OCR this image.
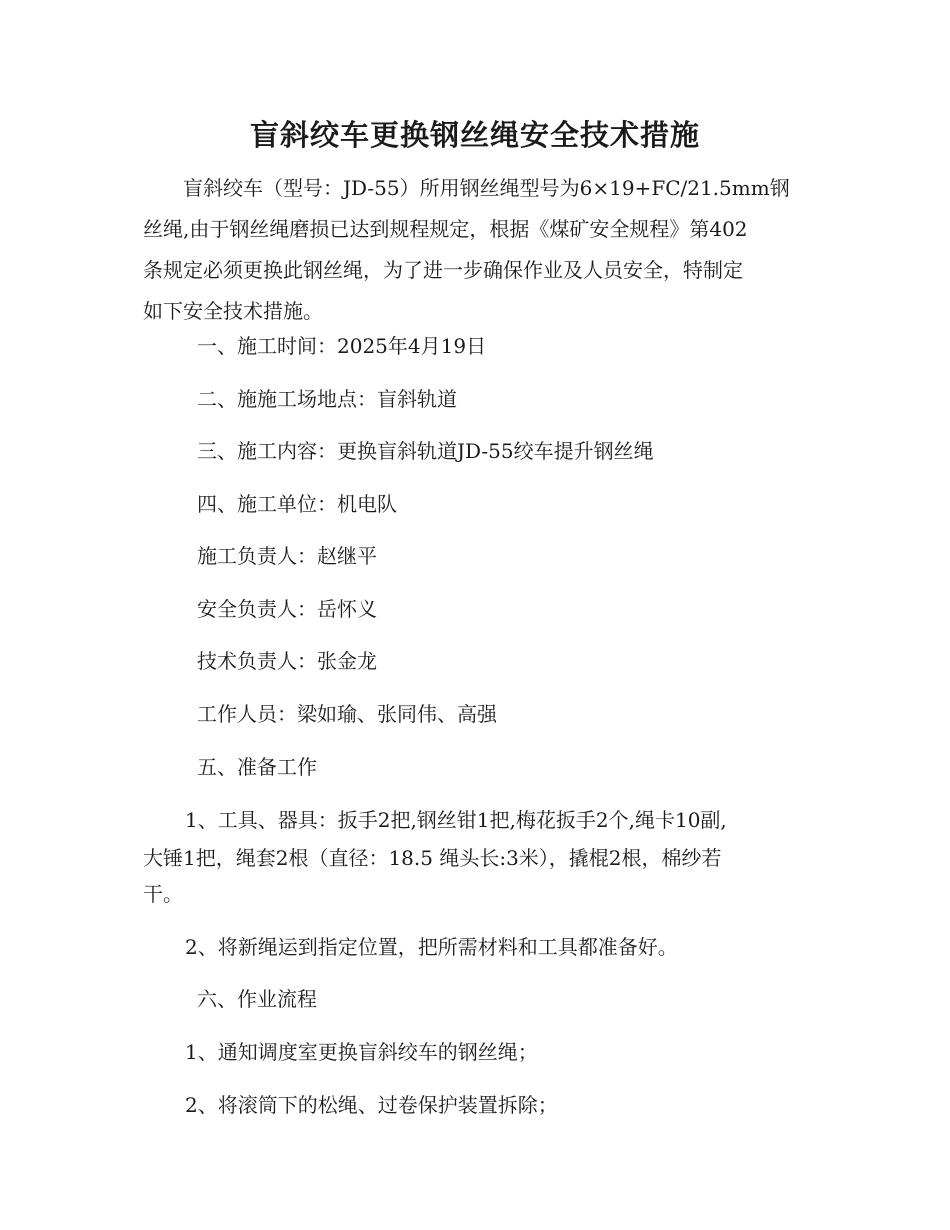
盲斜绞车更换钢丝绳安全技术措施
　　盲斜绞车（型号：JD-55）所用钢丝绳型号为6×19+FC/21.5mm钢
丝绳,由于钢丝绳磨损已达到规程规定，根据《煤矿安全规程》第402
条规定必须更换此钢丝绳，为了进一步确保作业及人员安全，特制定
如下安全技术措施。
一、施工时间：2025年4月19日
二、施施工场地点：盲斜轨道
三、施工内容：更换盲斜轨道JD-55绞车提升钢丝绳
四、施工单位：机电队
施工负责人：赵继平
安全负责人：岳怀义
技术负责人：张金龙
工作人员：梁如瑜、张同伟、高强
五、准备工作
1、工具、器具：扳手2把,钢丝钳1把,梅花扳手2个,绳卡10副,
大锤1把，绳套2根（直径：18.5 绳头长:3米），撬棍2根，棉纱若
干。
2、将新绳运到指定位置，把所需材料和工具都准备好。
六、作业流程
1、通知调度室更换盲斜绞车的钢丝绳；
2、将滚筒下的松绳、过卷保护装置拆除；
